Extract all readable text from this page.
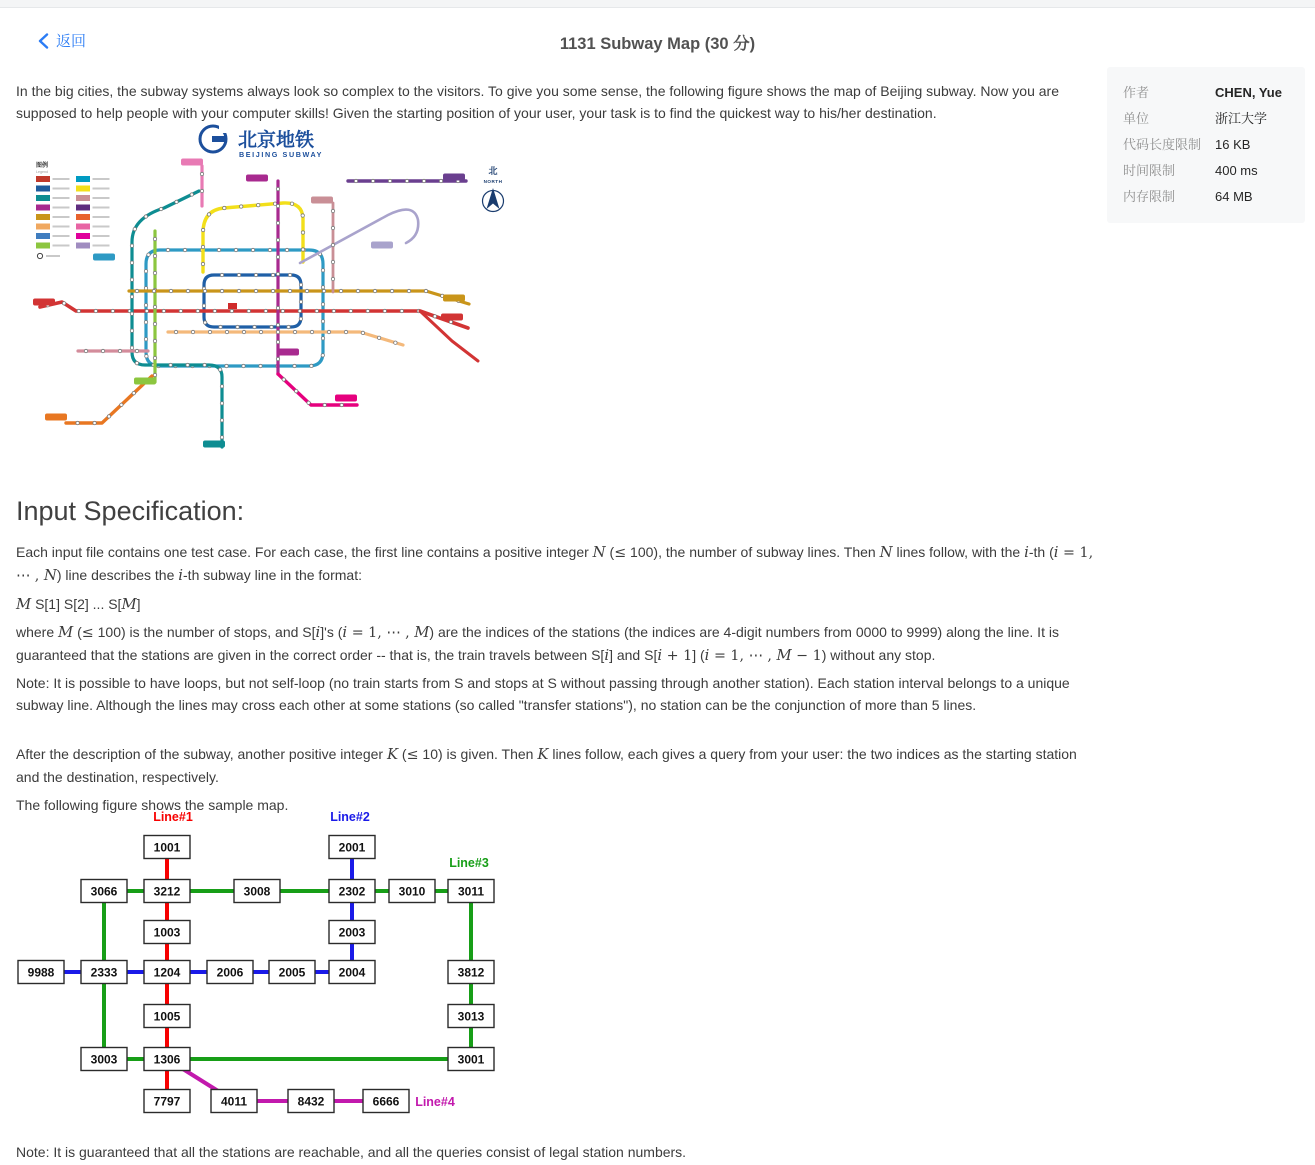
返回	1131 Subway Map (30 分)
作者	CHEN, Yue
单位	浙江大学
代码长度限制	16 KB
时间限制	400 ms
内存限制	64 MB

In the big cities, the subway systems always look so complex to the visitors. To give you some sense, the following figure shows the map of Beijing subway. Now you are supposed to help people with your computer skills! Given the starting position of your user, your task is to find the quickest way to his/her destination.

北京地铁
BEIJING SUBWAY
图例
Legend	北
NORTH
Input Specification:

Each input file contains one test case. For each case, the first line contains a positive integer N (≤ 100), the number of subway lines. Then N lines follow, with the i-th (i = 1, ⋯ , N) line describes the i-th subway line in the format:

M S[1] S[2] ... S[M]

where M (≤ 100) is the number of stops, and S[i]'s (i = 1, ⋯ , M) are the indices of the stations (the indices are 4-digit numbers from 0000 to 9999) along the line. It is guaranteed that the stations are given in the correct order -- that is, the train travels between S[i] and S[i + 1] (i = 1, ⋯ , M − 1) without any stop.

Note: It is possible to have loops, but not self-loop (no train starts from S and stops at S without passing through another station). Each station interval belongs to a unique subway line. Although the lines may cross each other at some stations (so called "transfer stations"), no station can be the conjunction of more than 5 lines.

After the description of the subway, another positive integer K (≤ 10) is given. Then K lines follow, each gives a query from your user: the two indices as the starting station and the destination, respectively.

The following figure shows the sample map.

1001
1003
1005
1204
1306
2001
2003
2004
2005
2006
2302
2333
3001
3003
3008	3010	3011
3013
3066	3212
3812
4011	6666
7797	8432
9988
Line#1	Line#2
Line#3
Line#4

Note: It is guaranteed that all the stations are reachable, and all the queries consist of legal station numbers.
